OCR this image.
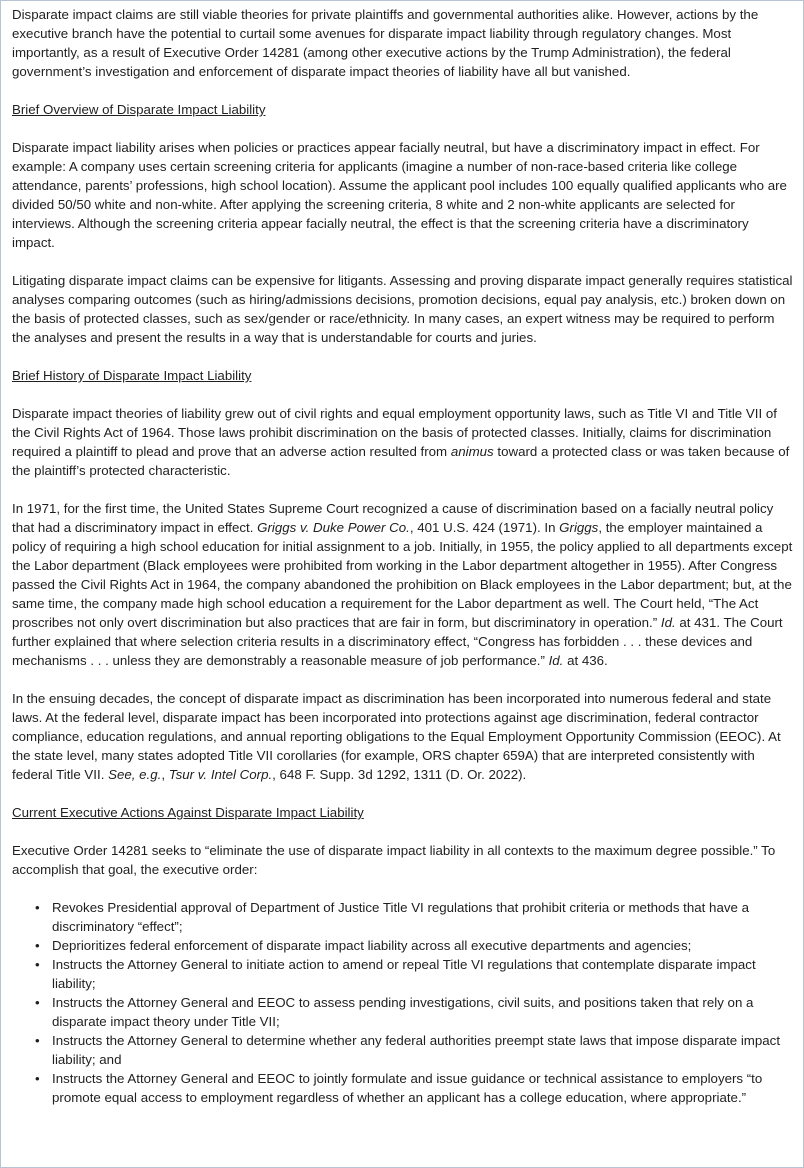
Disparate impact claims are still viable theories for private plaintiffs and governmental authorities alike. However, actions by the executive branch have the potential to curtail some avenues for disparate impact liability through regulatory changes. Most importantly, as a result of Executive Order 14281 (among other executive actions by the Trump Administration), the federal government’s investigation and enforcement of disparate impact theories of liability have all but vanished.

Brief Overview of Disparate Impact Liability

Disparate impact liability arises when policies or practices appear facially neutral, but have a discriminatory impact in effect. For example: A company uses certain screening criteria for applicants (imagine a number of non-race-based criteria like college attendance, parents’ professions, high school location). Assume the applicant pool includes 100 equally qualified applicants who are divided 50/50 white and non-white. After applying the screening criteria, 8 white and 2 non-white applicants are selected for interviews. Although the screening criteria appear facially neutral, the effect is that the screening criteria have a discriminatory impact.

Litigating disparate impact claims can be expensive for litigants. Assessing and proving disparate impact generally requires statistical analyses comparing outcomes (such as hiring/admissions decisions, promotion decisions, equal pay analysis, etc.) broken down on the basis of protected classes, such as sex/gender or race/ethnicity. In many cases, an expert witness may be required to perform the analyses and present the results in a way that is understandable for courts and juries.

Brief History of Disparate Impact Liability

Disparate impact theories of liability grew out of civil rights and equal employment opportunity laws, such as Title VI and Title VII of the Civil Rights Act of 1964. Those laws prohibit discrimination on the basis of protected classes. Initially, claims for discrimination required a plaintiff to plead and prove that an adverse action resulted from animus toward a protected class or was taken because of the plaintiff’s protected characteristic.

In 1971, for the first time, the United States Supreme Court recognized a cause of discrimination based on a facially neutral policy that had a discriminatory impact in effect. Griggs v. Duke Power Co., 401 U.S. 424 (1971). In Griggs, the employer maintained a policy of requiring a high school education for initial assignment to a job. Initially, in 1955, the policy applied to all departments except the Labor department (Black employees were prohibited from working in the Labor department altogether in 1955). After Congress passed the Civil Rights Act in 1964, the company abandoned the prohibition on Black employees in the Labor department; but, at the same time, the company made high school education a requirement for the Labor department as well. The Court held, “The Act proscribes not only overt discrimination but also practices that are fair in form, but discriminatory in operation.” Id. at 431. The Court further explained that where selection criteria results in a discriminatory effect, “Congress has forbidden . . . these devices and mechanisms . . . unless they are demonstrably a reasonable measure of job performance.” Id. at 436.

In the ensuing decades, the concept of disparate impact as discrimination has been incorporated into numerous federal and state laws. At the federal level, disparate impact has been incorporated into protections against age discrimination, federal contractor compliance, education regulations, and annual reporting obligations to the Equal Employment Opportunity Commission (EEOC). At the state level, many states adopted Title VII corollaries (for example, ORS chapter 659A) that are interpreted consistently with federal Title VII. See, e.g., Tsur v. Intel Corp., 648 F. Supp. 3d 1292, 1311 (D. Or. 2022).

Current Executive Actions Against Disparate Impact Liability

Executive Order 14281 seeks to “eliminate the use of disparate impact liability in all contexts to the maximum degree possible.” To accomplish that goal, the executive order:

• Revokes Presidential approval of Department of Justice Title VI regulations that prohibit criteria or methods that have a discriminatory “effect”;
• Deprioritizes federal enforcement of disparate impact liability across all executive departments and agencies;
• Instructs the Attorney General to initiate action to amend or repeal Title VI regulations that contemplate disparate impact liability;
• Instructs the Attorney General and EEOC to assess pending investigations, civil suits, and positions taken that rely on a disparate impact theory under Title VII;
• Instructs the Attorney General to determine whether any federal authorities preempt state laws that impose disparate impact liability; and
• Instructs the Attorney General and EEOC to jointly formulate and issue guidance or technical assistance to employers “to promote equal access to employment regardless of whether an applicant has a college education, where appropriate.”
